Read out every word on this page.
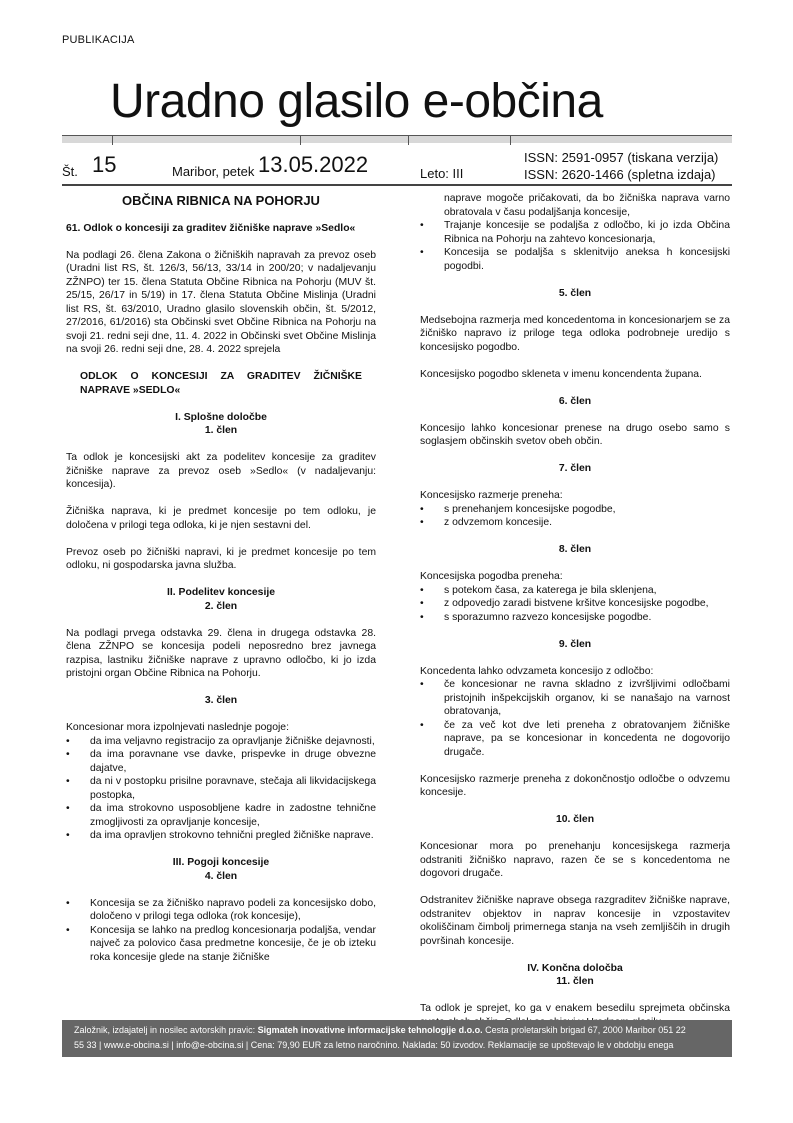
PUBLIKACIJA
Uradno glasilo e-občina
Št. 15	Maribor, petek 13.05.2022	Leto: III
ISSN: 2591-0957 (tiskana verzija)
ISSN: 2620-1466 (spletna izdaja)
OBČINA RIBNICA NA POHORJU

61. Odlok o koncesiji za graditev žičniške naprave »Sedlo«

Na podlagi 26. člena Zakona o žičniških napravah za prevoz oseb (Uradni list RS, št. 126/3, 56/13, 33/14 in 200/20; v nadaljevanju ZŽNPO) ter 15. člena Statuta Občine Ribnica na Pohorju (MUV št. 25/15, 26/17 in 5/19) in 17. člena Statuta Občine Mislinja (Uradni list RS, št. 63/2010, Uradno glasilo slovenskih občin, št. 5/2012, 27/2016, 61/2016) sta Občinski svet Občine Ribnica na Pohorju na svoji 21. redni seji dne, 11. 4. 2022 in Občinski svet Občine Mislinja na svoji 26. redni seji dne, 28. 4. 2022 sprejela

ODLOK O KONCESIJI ZA GRADITEV ŽIČNIŠKE NAPRAVE »SEDLO«

I. Splošne določbe
1. člen

Ta odlok je koncesijski akt za podelitev koncesije za graditev žičniške naprave za prevoz oseb »Sedlo« (v nadaljevanju: koncesija).

Žičniška naprava, ki je predmet koncesije po tem odloku, je določena v prilogi tega odloka, ki je njen sestavni del.

Prevoz oseb po žičniški napravi, ki je predmet koncesije po tem odloku, ni gospodarska javna služba.

II. Podelitev koncesije
2. člen

Na podlagi prvega odstavka 29. člena in drugega odstavka 28. člena ZŽNPO se koncesija podeli neposredno brez javnega razpisa, lastniku žičniške naprave z upravno odločbo, ki jo izda pristojni organ Občine Ribnica na Pohorju.

3. člen

Koncesionar mora izpolnjevati naslednje pogoje:

• da ima veljavno registracijo za opravljanje žičniške dejavnosti,
• da ima poravnane vse davke, prispevke in druge obvezne dajatve,
• da ni v postopku prisilne poravnave, stečaja ali likvidacijskega postopka,
• da ima strokovno usposobljene kadre in zadostne tehnične zmogljivosti za opravljanje koncesije,
• da ima opravljen strokovno tehnični pregled žičniške naprave.
III. Pogoji koncesije
4. člen
• Koncesija se za žičniško napravo podeli za koncesijsko dobo, določeno v prilogi tega odloka (rok koncesije),
• Koncesija se lahko na predlog koncesionarja podaljša, vendar največ za polovico časa predmetne koncesije, če je ob izteku roka koncesije glede na stanje žičniške

naprave mogoče pričakovati, da bo žičniška naprava varno obratovala v času podaljšanja koncesije,

• Trajanje koncesije se podaljša z odločbo, ki jo izda Občina Ribnica na Pohorju na zahtevo koncesionarja,
• Koncesija se podaljša s sklenitvijo aneksa h koncesijski pogodbi.
5. člen

Medsebojna razmerja med koncedentoma in koncesionarjem se za žičniško napravo iz priloge tega odloka podrobneje uredijo s koncesijsko pogodbo.

Koncesijsko pogodbo skleneta v imenu koncendenta župana.

6. člen

Koncesijo lahko koncesionar prenese na drugo osebo samo s soglasjem občinskih svetov obeh občin.

7. člen

Koncesijsko razmerje preneha:

• s prenehanjem koncesijske pogodbe,
• z odvzemom koncesije.
8. člen

Koncesijska pogodba preneha:

• s potekom časa, za katerega je bila sklenjena,
• z odpovedjo zaradi bistvene kršitve koncesijske pogodbe,
• s sporazumno razvezo koncesijske pogodbe.
9. člen

Koncedenta lahko odvzameta koncesijo z odločbo:

• če koncesionar ne ravna skladno z izvršljivimi odločbami pristojnih inšpekcijskih organov, ki se nanašajo na varnost obratovanja,
• če za več kot dve leti preneha z obratovanjem žičniške naprave, pa se koncesionar in koncedenta ne dogovorijo drugače.

Koncesijsko razmerje preneha z dokončnostjo odločbe o odvzemu koncesije.

10. člen

Koncesionar mora po prenehanju koncesijskega razmerja odstraniti žičniško napravo, razen če se s koncedentoma ne dogovori drugače.

Odstranitev žičniške naprave obsega razgraditev žičniške naprave, odstranitev objektov in naprav koncesije in vzpostavitev okoliščinam čimbolj primernega stanja na vseh zemljiščih in drugih površinah koncesije.

IV. Končna določba
11. člen

Ta odlok je sprejet, ko ga v enakem besedilu sprejmeta občinska

Založnik, izdajatelj in nosilec avtorskih pravic: Sigmateh inovativne informacijske tehnologije d.o.o. Cesta proletarskih brigad 67, 2000 Maribor 051 22
55 33 | www.e-obcina.si | info@e-obcina.si | Cena: 79,90 EUR za letno naročnino. Naklada: 50 izvodov. Reklamacije se upoštevajo le v obdobju enega
